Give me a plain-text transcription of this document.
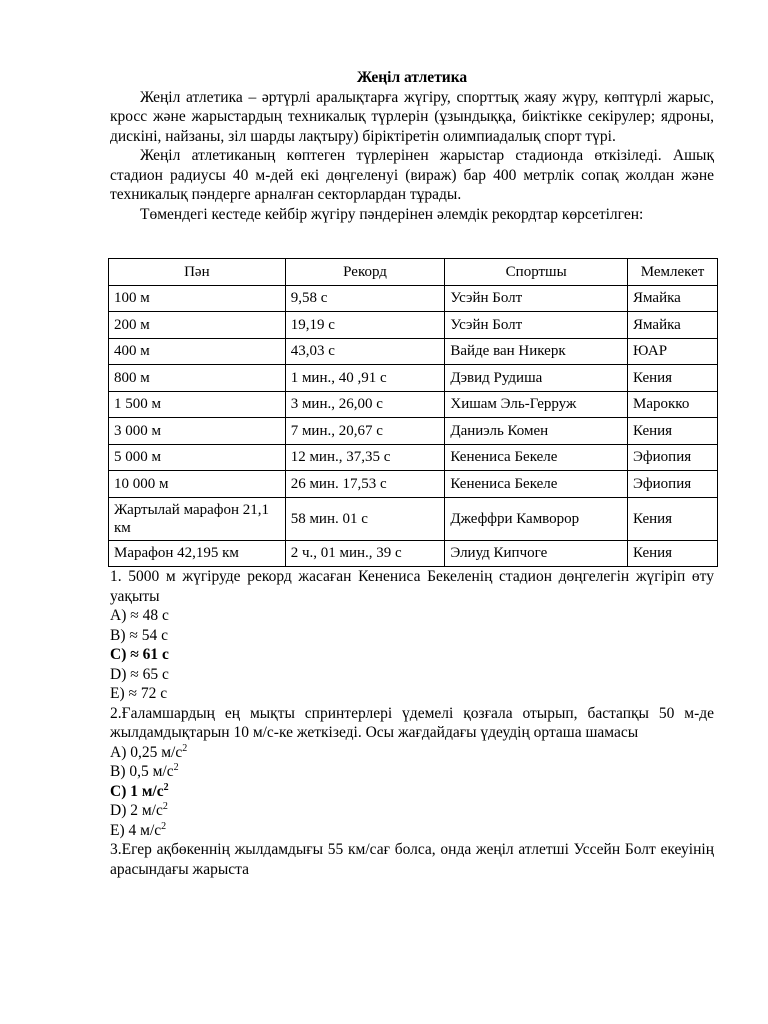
Жеңіл атлетика

Жеңіл атлетика – әртүрлі аралықтарға жүгіру, спорттық жаяу жүру, көптүрлі жарыс, кросс және жарыстардың техникалық түрлерін (ұзындыққа, биіктікке секірулер; ядроны, дискіні, найзаны, зіл шарды лақтыру) біріктіретін олимпиадалық спорт түрі.

Жеңіл атлетиканың көптеген түрлерінен жарыстар стадионда өткізіледі. Ашық стадион радиусы 40 м-дей екі дөңгеленуі (вираж) бар 400 метрлік сопақ жолдан және техникалық пәндерге арналған секторлардан тұрады.

Төмендегі кестеде кейбір жүгіру пәндерінен әлемдік рекордтар көрсетілген:

Пән	Рекорд	Спортшы	Мемлекет
100 м	9,58 с	Усэйн Болт	Ямайка
200 м	19,19 с	Усэйн Болт	Ямайка
400 м	43,03 с	Вайде ван Никерк	ЮАР
800 м	1 мин., 40 ,91 с	Дэвид Рудиша	Кения
1 500 м	3 мин., 26,00 с	Хишам Эль-Герруж	Марокко
3 000 м	7 мин., 20,67 с	Даниэль Комен	Кения
5 000 м	12 мин., 37,35 с	Кенениса Бекеле	Эфиопия
10 000 м	26 мин. 17,53 с	Кенениса Бекеле	Эфиопия
Жартылай марафон 21,1 км	58 мин. 01 с	Джеффри Камворор	Кения
Марафон 42,195 км	2 ч., 01 мин., 39 с	Элиуд Кипчоге	Кения

1. 5000 м жүгіруде рекорд жасаған Кенениса Бекеленің стадион дөңгелегін жүгіріп өту уақыты

A) ≈ 48 с

B) ≈ 54 с

C) ≈ 61 с

D) ≈ 65 с

E) ≈ 72 с

2.Ғаламшардың ең мықты спринтерлері үдемелі қозғала отырып, бастапқы 50 м-де жылдамдықтарын 10 м/с-ке жеткізеді. Осы жағдайдағы үдеудің орташа шамасы

A) 0,25 $м/с^2$

B) 0,5 $м/с^2$

C) 1 $м/с^2$

D) 2 $м/с^2$

E) 4 $м/с^2$

3.Егер ақбөкеннің жылдамдығы 55 км/сағ болса, онда жеңіл атлетші Уссейн Болт екеуінің арасындағы жарыста
